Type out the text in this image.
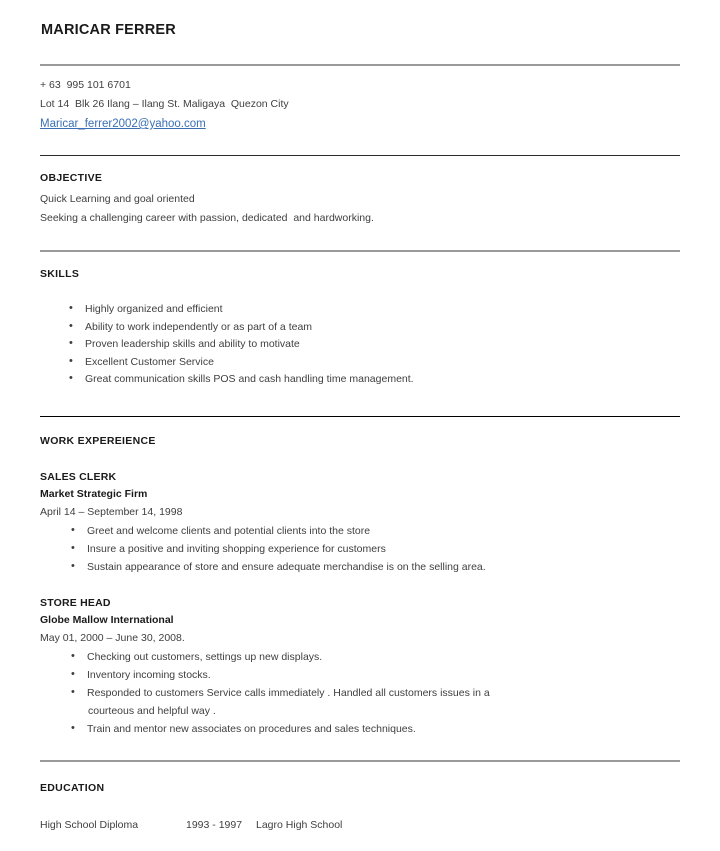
MARICAR FERRER
+ 63  995 101 6701
Lot 14  Blk 26 Ilang – Ilang St. Maligaya  Quezon City
Maricar_ferrer2002@yahoo.com
OBJECTIVE
Quick Learning and goal oriented
Seeking a challenging career with passion, dedicated  and hardworking.
SKILLS
• Highly organized and efficient
• Ability to work independently or as part of a team
• Proven leadership skills and ability to motivate
• Excellent Customer Service
• Great communication skills POS and cash handling time management.
WORK EXPEREIENCE
SALES CLERK
Market Strategic Firm
April 14 – September 14, 1998
• Greet and welcome clients and potential clients into the store
• Insure a positive and inviting shopping experience for customers
• Sustain appearance of store and ensure adequate merchandise is on the selling area.
STORE HEAD
Globe Mallow International
May 01, 2000 – June 30, 2008.
• Checking out customers, settings up new displays.
• Inventory incoming stocks.
• Responded to customers Service calls immediately . Handled all customers issues in a
courteous and helpful way .
• Train and mentor new associates on procedures and sales techniques.
EDUCATION
High School Diploma	1993 - 1997	Lagro High School
